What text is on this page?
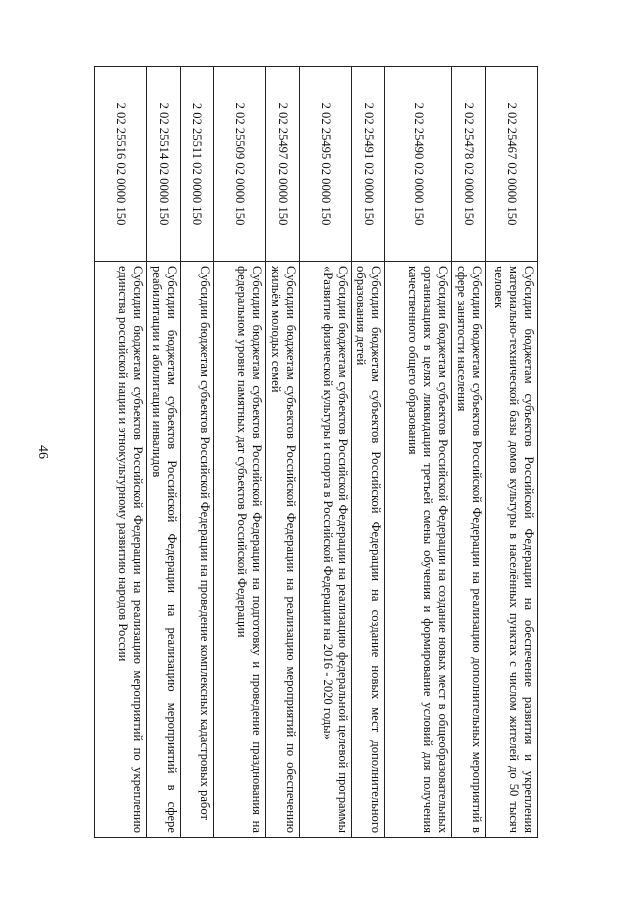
46
2 02 25467 02 0000 150	Субсидии бюджетам субъектов Российской Федерации на обеспечение развития и укрепления материально-технической базы домов культуры в населённых пунктах с числом жителей до 50 тысяч человек
2 02 25478 02 0000 150	Субсидии бюджетам субъектов Российской Федерации на реализацию дополнительных мероприятий в сфере занятости населения
2 02 25490 02 0000 150	Субсидии бюджетам субъектов Российской Федерации на создание новых мест в общеобразовательных организациях в целях ликвидации третьей смены обучения и формирование условий для получения качественного общего образования
2 02 25491 02 0000 150	Субсидии бюджетам субъектов Российской Федерации на создание новых мест дополнительного образования детей
2 02 25495 02 0000 150	Субсидии бюджетам субъектов Российской Федерации на реализацию федеральной целевой программы «Развитие физической культуры и спорта в Российской Федерации на 2016 - 2020 годы»
2 02 25497 02 0000 150	Субсидии бюджетам субъектов Российской Федерации на реализацию мероприятий по обеспечению жильём молодых семей
2 02 25509 02 0000 150	Субсидии бюджетам субъектов Российской Федерации на подготовку и проведение празднования на федеральном уровне памятных дат субъектов Российской Федерации
2 02 25511 02 0000 150	Субсидии бюджетам субъектов Российской Федерации на проведение комплексных кадастровых работ
2 02 25514 02 0000 150	Субсидии бюджетам субъектов Российской Федерации на реализацию мероприятий в сфере реабилитации и абилитации инвалидов
2 02 25516 02 0000 150	Субсидии бюджетам субъектов Российской Федерации на реализацию мероприятий по укреплению единства российской нации и этнокультурному развитию народов России
